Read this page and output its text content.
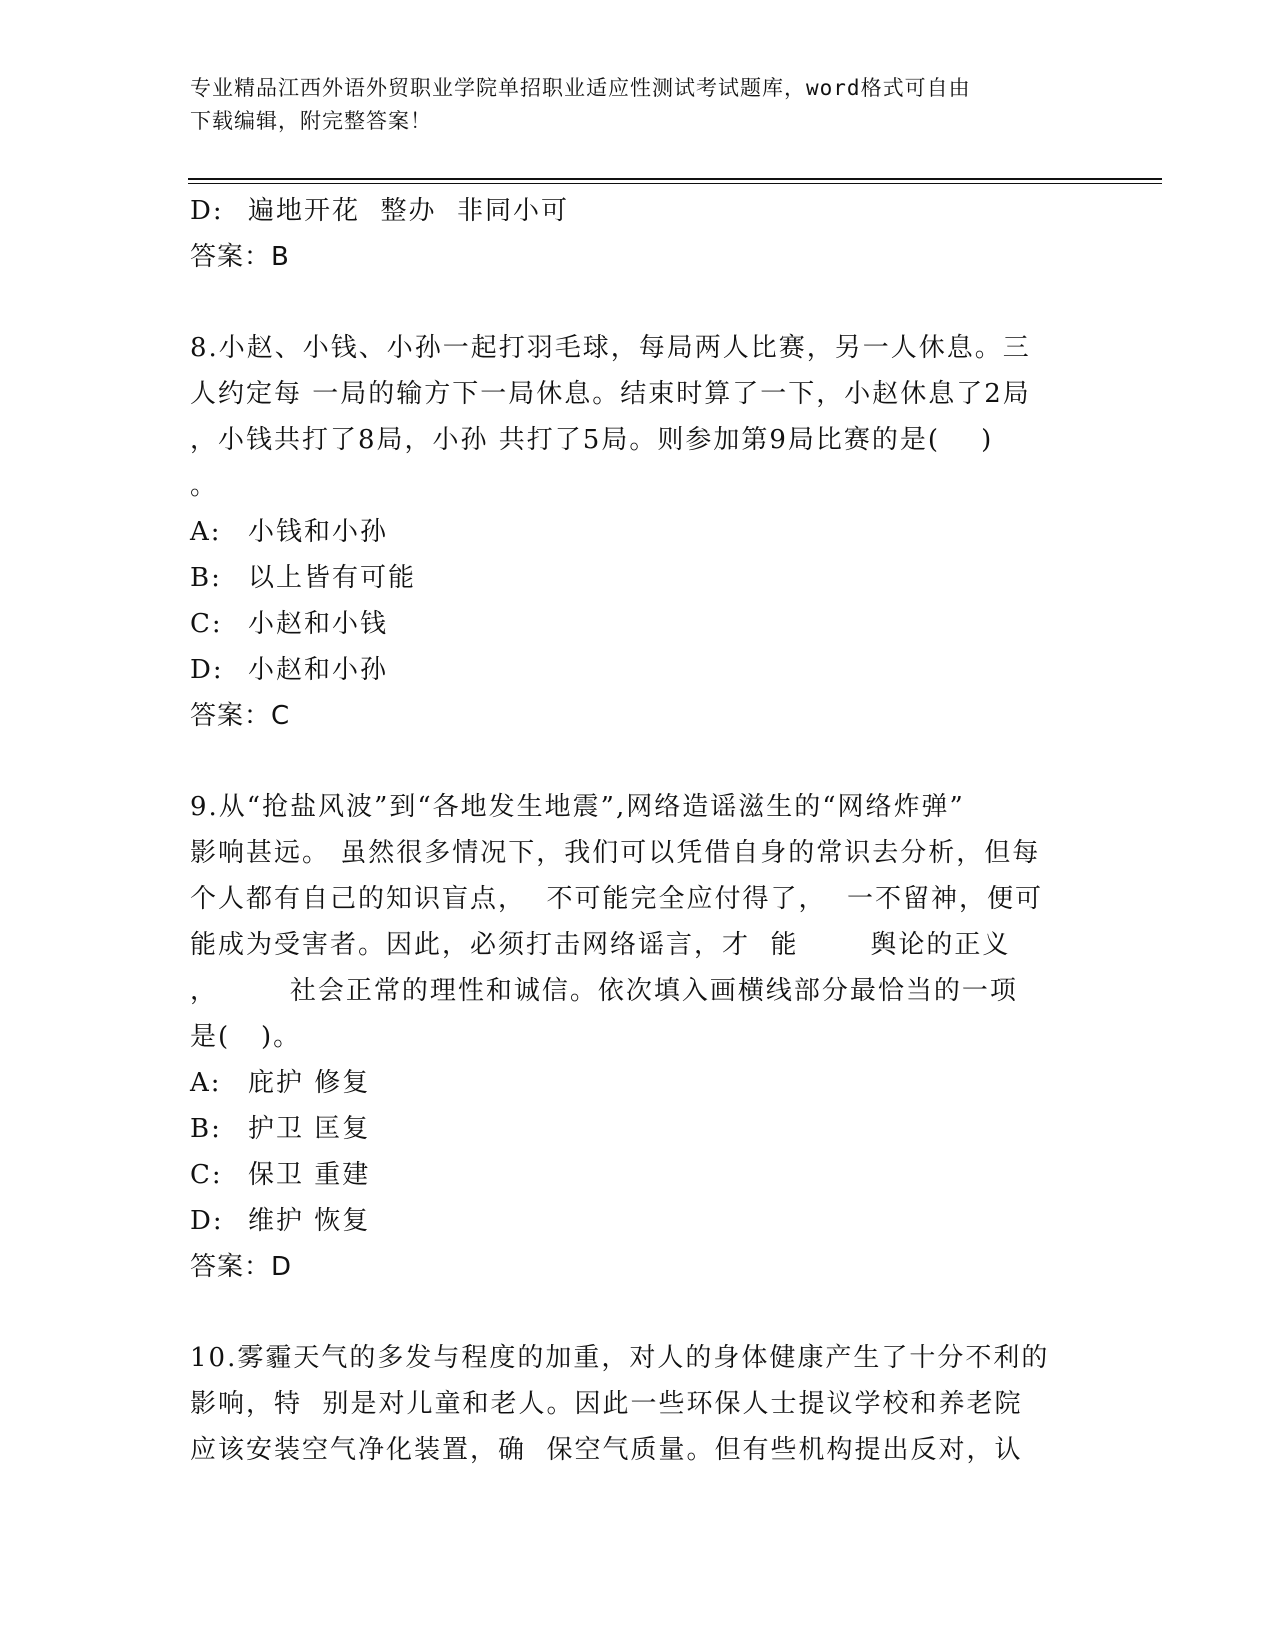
专业精品江西外语外贸职业学院单招职业适应性测试考试题库，word格式可自由
下载编辑，附完整答案！
D: 遍地开花  整办  非同小可
答案：B
8.小赵、小钱、小孙一起打羽毛球，每局两人比赛，另一人休息。三
人约定每 一局的输方下一局休息。结束时算了一下，小赵休息了2局
，小钱共打了8局，小孙 共打了5局。则参加第9局比赛的是(    )
。
A: 小钱和小孙
B: 以上皆有可能
C: 小赵和小钱
D: 小赵和小孙
答案：C
9.从“抢盐风波”到“各地发生地震”,网络造谣滋生的“网络炸弹”
影响甚远。 虽然很多情况下，我们可以凭借自身的常识去分析，但每
个人都有自己的知识盲点，  不可能完全应付得了，  一不留神，便可
能成为受害者。因此，必须打击网络谣言，才  能       舆论的正义
，       社会正常的理性和诚信。依次填入画横线部分最恰当的一项
是(   )。
A: 庇护 修复
B: 护卫 匡复
C: 保卫 重建
D: 维护 恢复
答案：D
10.雾霾天气的多发与程度的加重，对人的身体健康产生了十分不利的
影响，特  别是对儿童和老人。因此一些环保人士提议学校和养老院
应该安装空气净化装置，确  保空气质量。但有些机构提出反对，认
